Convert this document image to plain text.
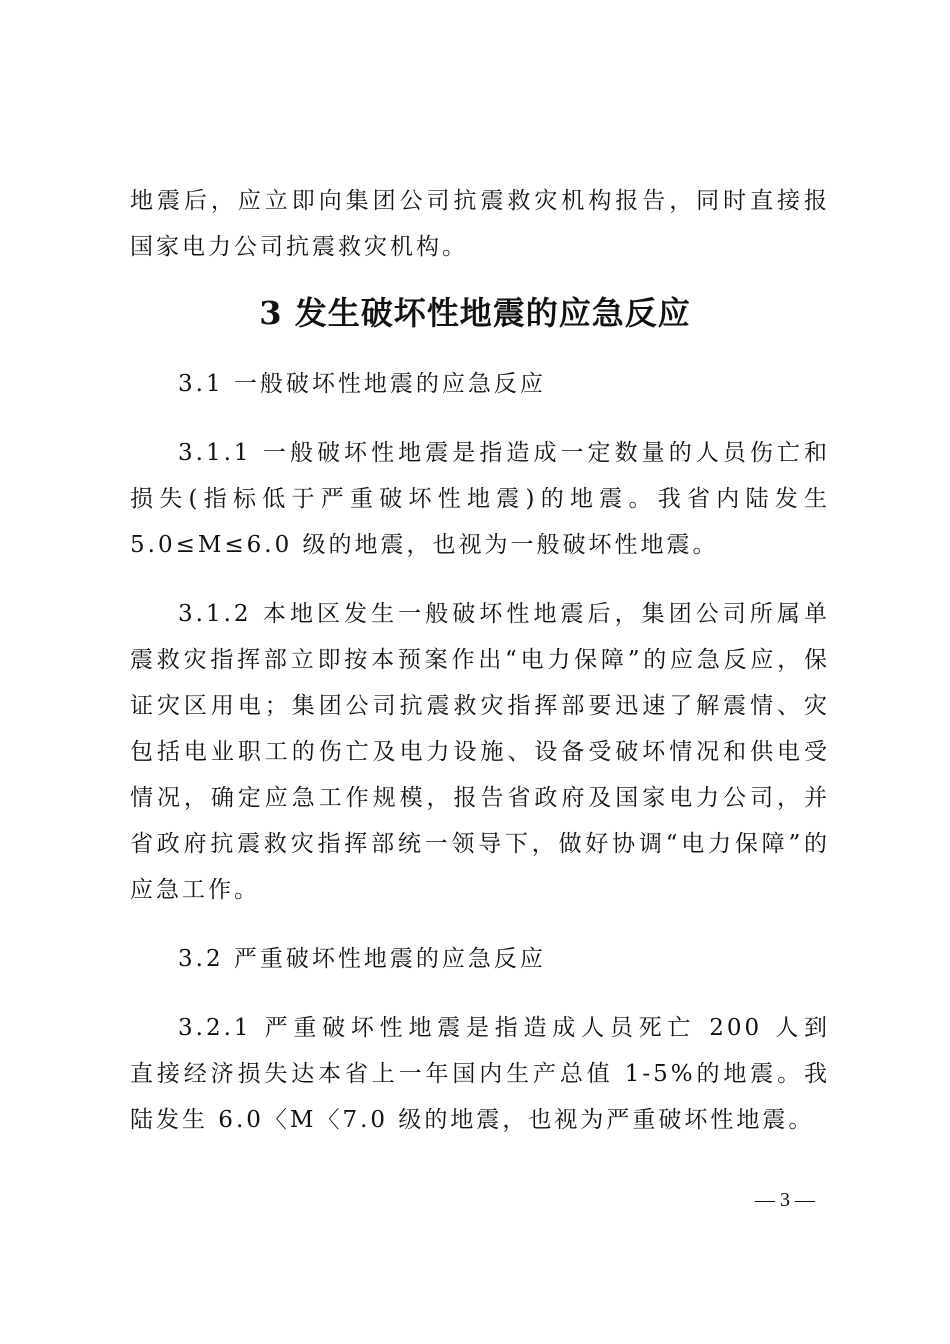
地震后，应立即向集团公司抗震救灾机构报告，同时直接报
国家电力公司抗震救灾机构。
3 发生破坏性地震的应急反应
3.1 一般破坏性地震的应急反应
3.1.1 一般破坏性地震是指造成一定数量的人员伤亡和
损失(指标低于严重破坏性地震)的地震。我省内陆发生
5.0≤M≤6.0 级的地震，也视为一般破坏性地震。
3.1.2 本地区发生一般破坏性地震后，集团公司所属单
震救灾指挥部立即按本预案作出“电力保障”的应急反应，保
证灾区用电；集团公司抗震救灾指挥部要迅速了解震情、灾
包括电业职工的伤亡及电力设施、设备受破坏情况和供电受
情况，确定应急工作规模，报告省政府及国家电力公司，并
省政府抗震救灾指挥部统一领导下，做好协调“电力保障”的
应急工作。
3.2 严重破坏性地震的应急反应
3.2.1 严重破坏性地震是指造成人员死亡 200 人到
直接经济损失达本省上一年国内生产总值 1-5%的地震。我
陆发生 6.0〈M〈7.0 级的地震，也视为严重破坏性地震。
— 3 —
